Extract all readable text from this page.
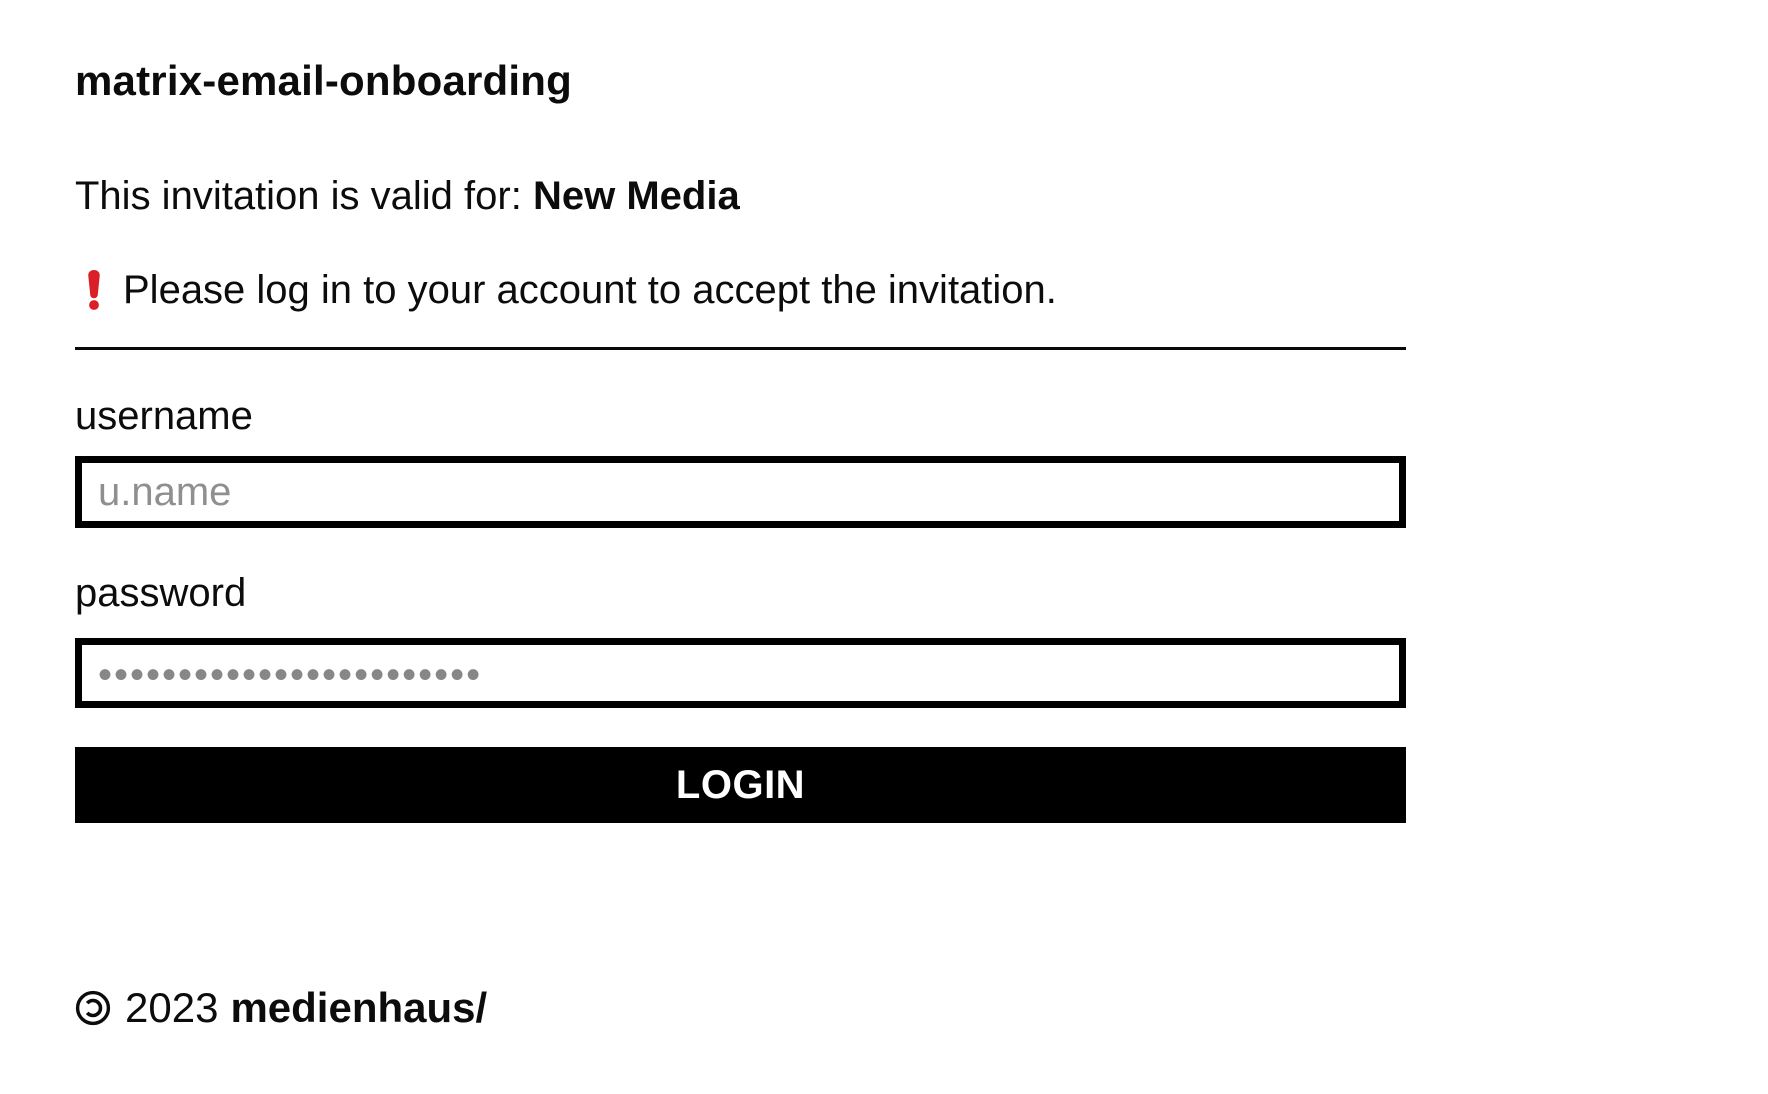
matrix-email-onboarding

This invitation is valid for: New Media

Please log in to your account to accept the invitation.
username
u.name
password
••••••••••••••••••••••••
LOGIN
2023 medienhaus/
